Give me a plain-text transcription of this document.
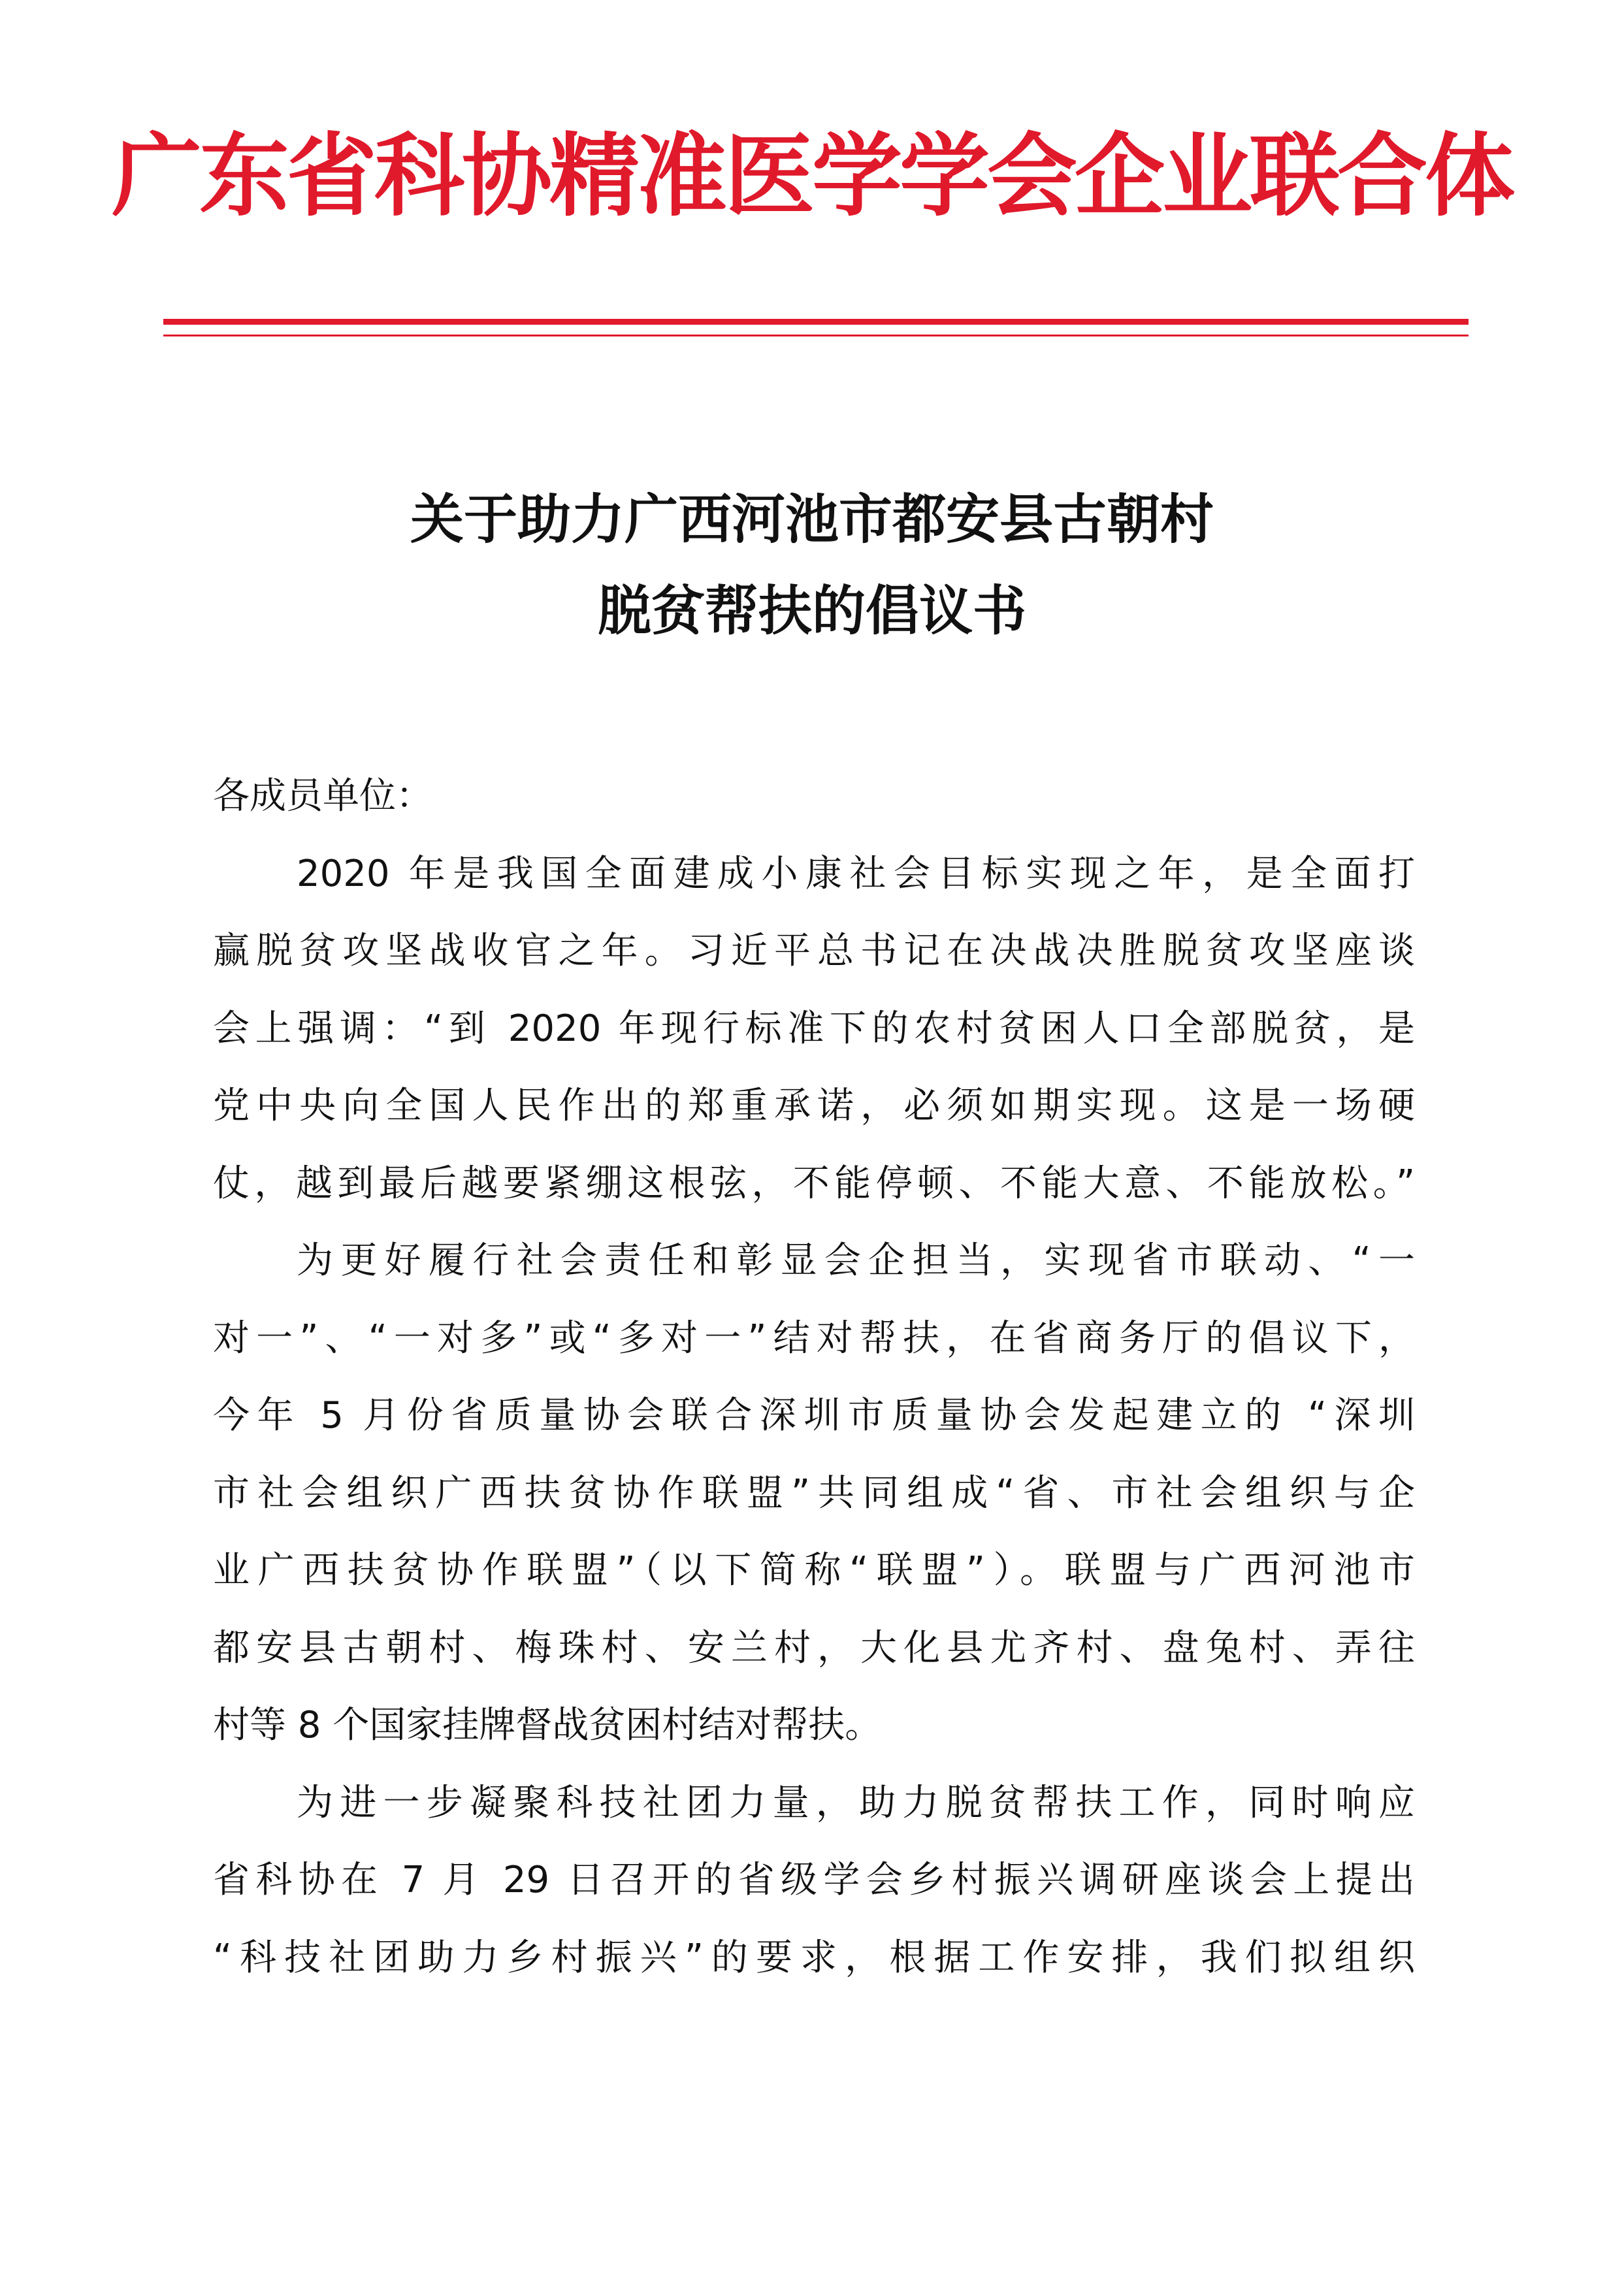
广东省科协精准医学学会企业联合体
关于助力广西河池市都安县古朝村
脱贫帮扶的倡议书
各成员单位：
2020 年是我国全面建成小康社会目标实现之年，是全面打
赢脱贫攻坚战收官之年。习近平总书记在决战决胜脱贫攻坚座谈
会上强调：“到 2020 年现行标准下的农村贫困人口全部脱贫，是
党中央向全国人民作出的郑重承诺，必须如期实现。这是一场硬
仗，越到最后越要紧绷这根弦，不能停顿、不能大意、不能放松。”
为更好履行社会责任和彰显会企担当，实现省市联动、“一
对一”、“一对多”或“多对一”结对帮扶，在省商务厅的倡议下，
今年 5 月份省质量协会联合深圳市质量协会发起建立的 “深圳
市社会组织广西扶贫协作联盟”共同组成“省、市社会组织与企
业广西扶贫协作联盟”（以下简称“联盟”）。联盟与广西河池市
都安县古朝村、梅珠村、安兰村，大化县尤齐村、盘兔村、弄往
村等 8 个国家挂牌督战贫困村结对帮扶。
为进一步凝聚科技社团力量，助力脱贫帮扶工作，同时响应
省科协在 7 月 29 日召开的省级学会乡村振兴调研座谈会上提出
“科技社团助力乡村振兴”的要求，根据工作安排，我们拟组织
